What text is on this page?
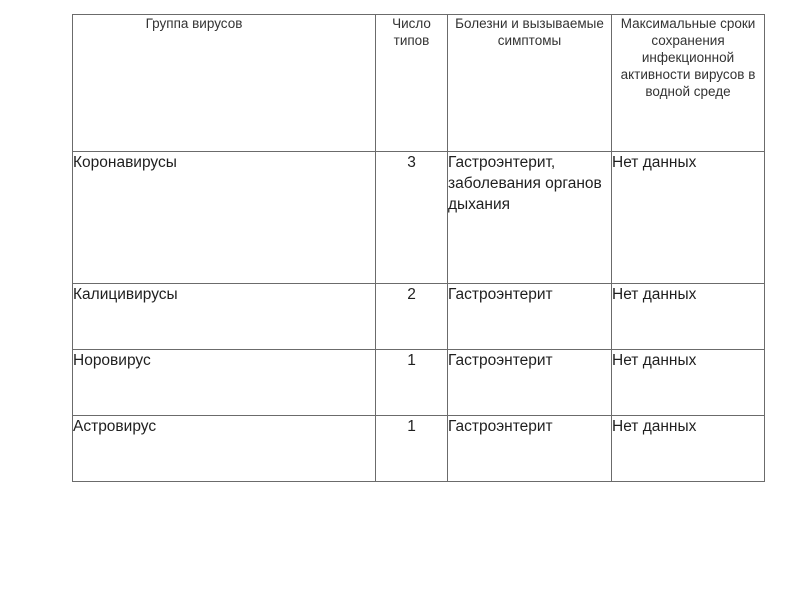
Группа вирусов	Число типов	Болезни и вызываемые симптомы	Максимальные сроки сохранения инфекционной активности вирусов в водной среде
Коронавирусы	3	Гастроэнтерит, заболевания органов дыхания	Нет данных
Калицивирусы	2	Гастроэнтерит	Нет данных
Норовирус	1	Гастроэнтерит	Нет данных
Астровирус	1	Гастроэнтерит	Нет данных
